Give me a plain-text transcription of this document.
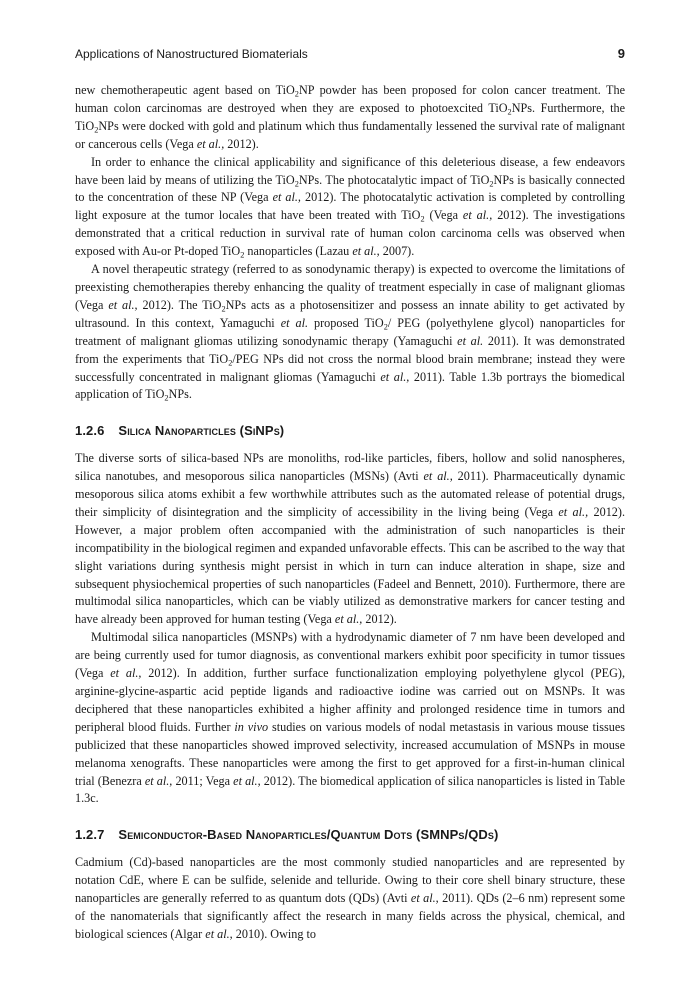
Applications of Nanostructured Biomaterials	9

new chemotherapeutic agent based on TiO$_2$NP powder has been proposed for colon cancer treatment. The human colon carcinomas are destroyed when they are exposed to photoexcited TiO$_2$NPs. Furthermore, the TiO$_2$NPs were docked with gold and platinum which thus fundamentally lessened the survival rate of malignant or cancerous cells (Vega et al., 2012).

In order to enhance the clinical applicability and significance of this deleterious disease, a few endeavors have been laid by means of utilizing the TiO$_2$NPs. The photocatalytic impact of TiO$_2$NPs is basically connected to the concentration of these NP (Vega et al., 2012). The photocatalytic activation is completed by controlling light exposure at the tumor locales that have been treated with TiO$_2$ (Vega et al., 2012). The investigations demonstrated that a critical reduction in survival rate of human colon carcinoma cells was observed when exposed with Au-or Pt-doped TiO$_2$ nanoparticles (Lazau et al., 2007).

A novel therapeutic strategy (referred to as sonodynamic therapy) is expected to overcome the limitations of preexisting chemotherapies thereby enhancing the quality of treatment especially in case of malignant gliomas (Vega et al., 2012). The TiO$_2$NPs acts as a photosensitizer and possess an innate ability to get activated by ultrasound. In this context, Yamaguchi et al. proposed TiO$_2$/ PEG (polyethylene glycol) nanoparticles for treatment of malignant gliomas utilizing sonodynamic therapy (Yamaguchi et al. 2011). It was demonstrated from the experiments that TiO$_2$/PEG NPs did not cross the normal blood brain membrane; instead they were successfully concentrated in malignant gliomas (Yamaguchi et al., 2011). Table 1.3b portrays the biomedical application of TiO$_2$NPs.

1.2.6 Silica Nanoparticles (SiNPs)

The diverse sorts of silica-based NPs are monoliths, rod-like particles, fibers, hollow and solid nanospheres, silica nanotubes, and mesoporous silica nanoparticles (MSNs) (Avti et al., 2011). Pharmaceutically dynamic mesoporous silica atoms exhibit a few worthwhile attributes such as the automated release of potential drugs, their simplicity of disintegration and the simplicity of accessibility in the living being (Vega et al., 2012). However, a major problem often accompanied with the administration of such nanoparticles is their incompatibility in the biological regimen and expanded unfavorable effects. This can be ascribed to the way that slight variations during synthesis might persist in which in turn can induce alteration in shape, size and subsequent physiochemical properties of such nanoparticles (Fadeel and Bennett, 2010). Furthermore, there are multimodal silica nanoparticles, which can be viably utilized as demonstrative markers for cancer testing and have already been approved for human testing (Vega et al., 2012).

Multimodal silica nanoparticles (MSNPs) with a hydrodynamic diameter of 7 nm have been developed and are being currently used for tumor diagnosis, as conventional markers exhibit poor specificity in tumor tissues (Vega et al., 2012). In addition, further surface functionalization employing polyethylene glycol (PEG), arginine-glycine-aspartic acid peptide ligands and radioactive iodine was carried out on MSNPs. It was deciphered that these nanoparticles exhibited a higher affinity and prolonged residence time in tumors and peripheral blood fluids. Further in vivo studies on various models of nodal metastasis in various mouse tissues publicized that these nanoparticles showed improved selectivity, increased accumulation of MSNPs in mouse melanoma xenografts. These nanoparticles were among the first to get approved for a first-in-human clinical trial (Benezra et al., 2011; Vega et al., 2012). The biomedical application of silica nanoparticles is listed in Table 1.3c.

1.2.7 Semiconductor-Based Nanoparticles/Quantum Dots (SMNPs/QDs)

Cadmium (Cd)-based nanoparticles are the most commonly studied nanoparticles and are represented by notation CdE, where E can be sulfide, selenide and telluride. Owing to their core shell binary structure, these nanoparticles are generally referred to as quantum dots (QDs) (Avti et al., 2011). QDs (2–6 nm) represent some of the nanomaterials that significantly affect the research in many fields across the physical, chemical, and biological sciences (Algar et al., 2010). Owing to
